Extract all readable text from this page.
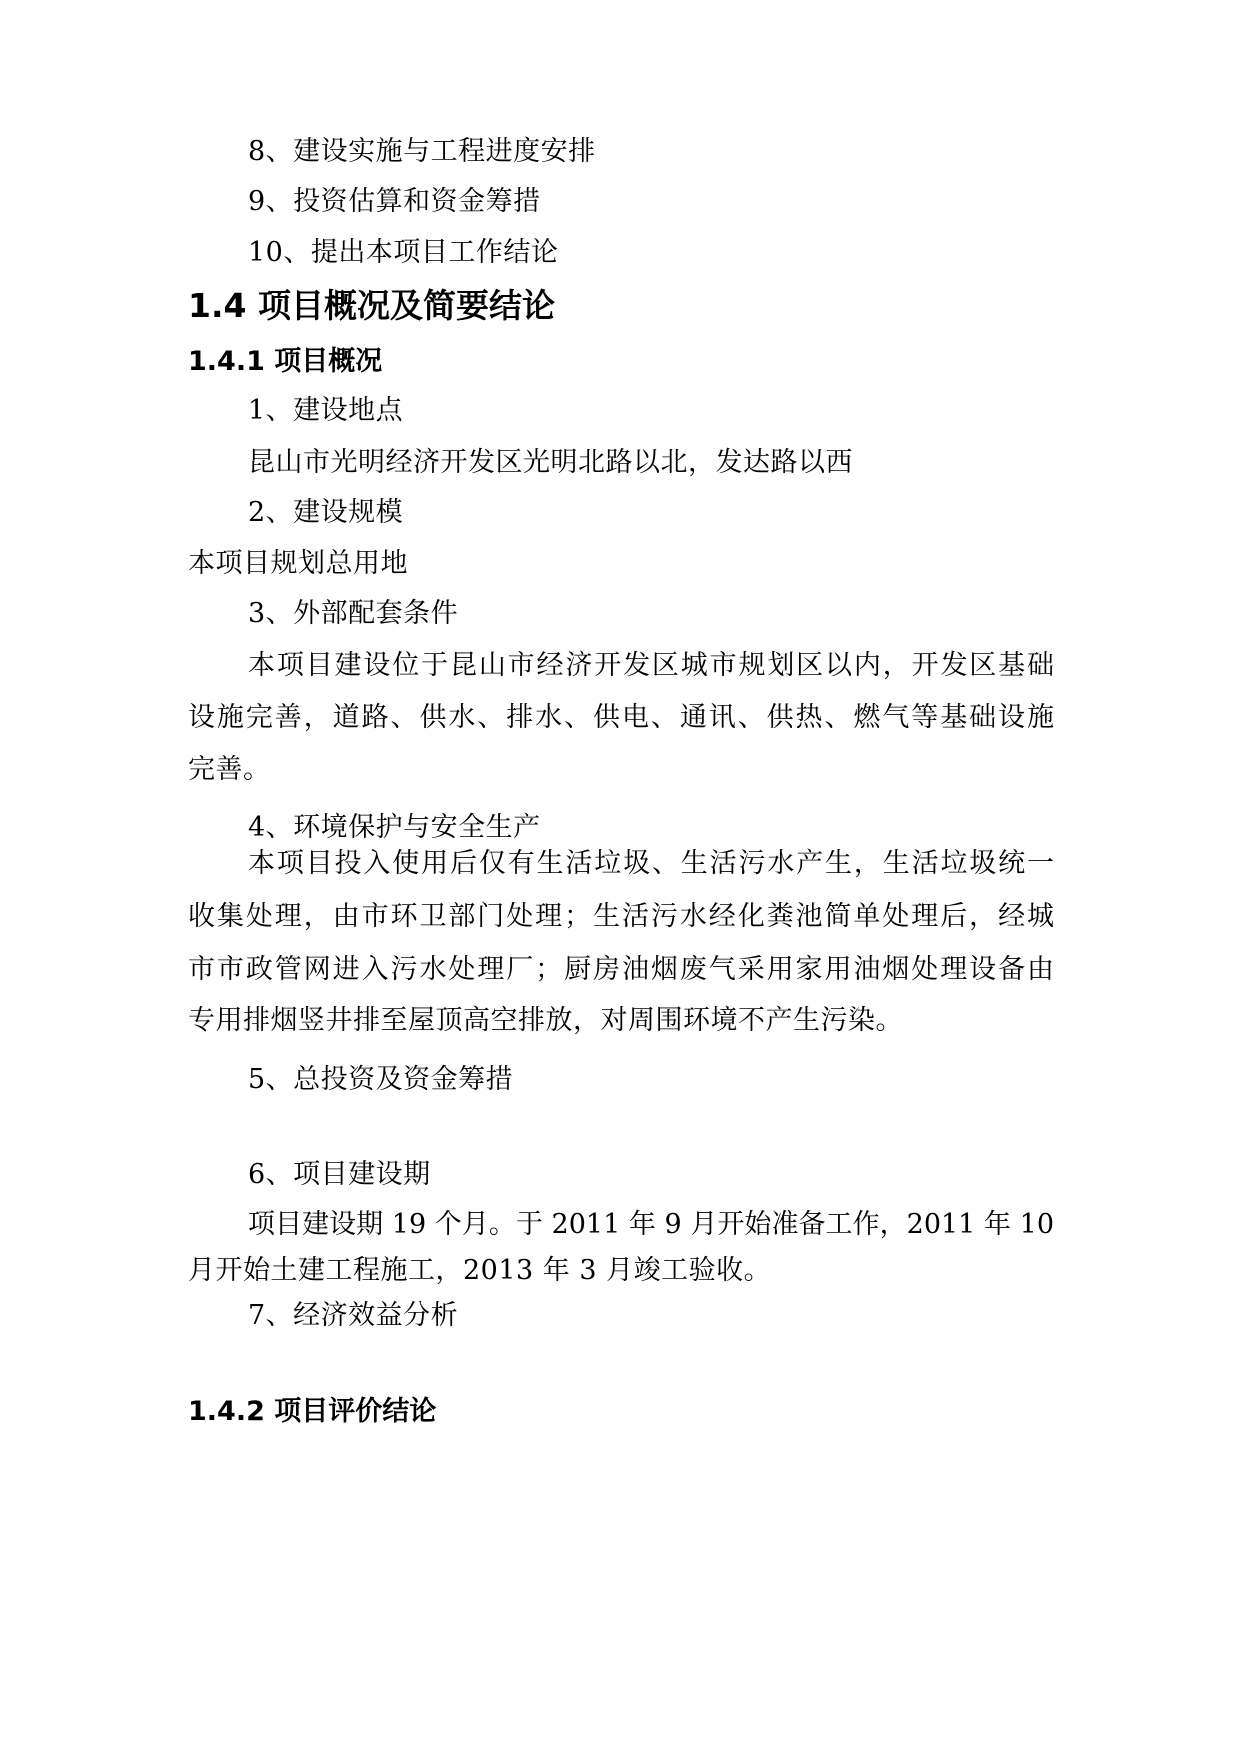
8、建设实施与工程进度安排
9、投资估算和资金筹措
10、提出本项目工作结论
1.4 项目概况及简要结论
1.4.1 项目概况
1、建设地点
昆山市光明经济开发区光明北路以北，发达路以西
2、建设规模
本项目规划总用地
3、外部配套条件
本项目建设位于昆山市经济开发区城市规划区以内，开发区基础
设施完善，道路、供水、排水、供电、通讯、供热、燃气等基础设施
完善。
4、环境保护与安全生产
本项目投入使用后仅有生活垃圾、生活污水产生，生活垃圾统一
收集处理，由市环卫部门处理；生活污水经化粪池简单处理后，经城
市市政管网进入污水处理厂；厨房油烟废气采用家用油烟处理设备由
专用排烟竖井排至屋顶高空排放，对周围环境不产生污染。
5、总投资及资金筹措
6、项目建设期
项目建设期 19 个月。于 2011 年 9 月开始准备工作，2011 年 10
月开始土建工程施工，2013 年 3 月竣工验收。
7、经济效益分析
1.4.2 项目评价结论
